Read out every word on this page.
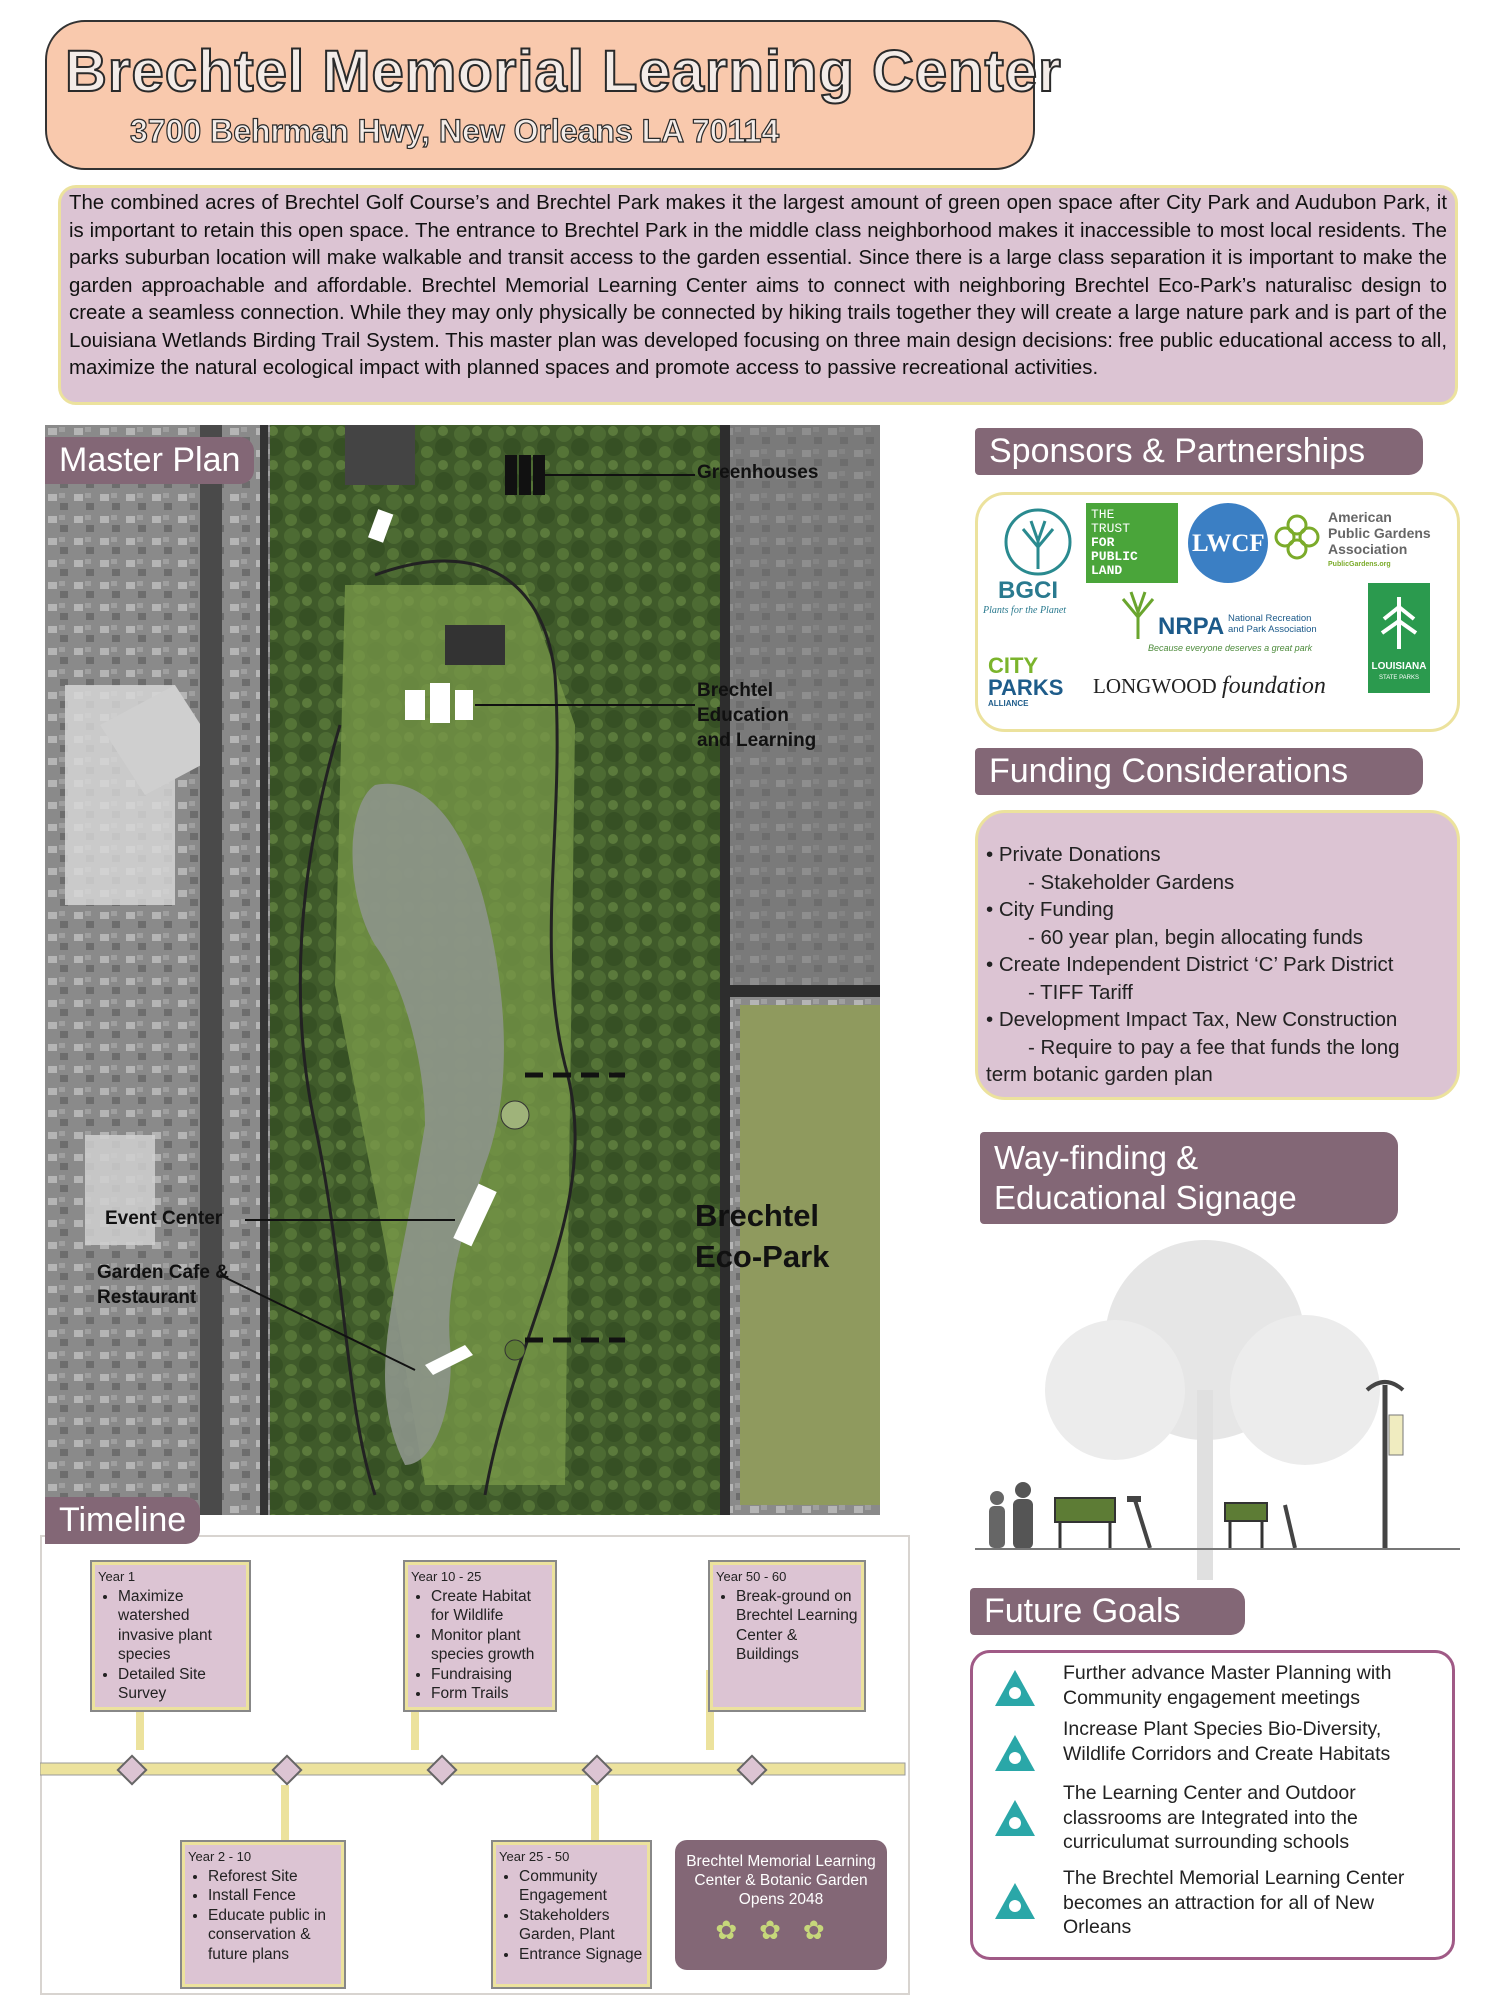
Brechtel Memorial Learning Center
3700 Behrman Hwy, New Orleans LA 70114
The combined acres of Brechtel Golf Course’s and Brechtel Park makes it the largest amount of green open space after City Park and Audubon Park, it is important to retain this open space. The entrance to Brechtel Park in the middle class neighborhood makes it inaccessible to most local residents. The parks suburban location will make walkable and transit access to the garden essential. Since there is a large class separation it is important to make the garden approachable and affordable. Brechtel Memorial Learning Center aims to connect with neighboring Brechtel Eco-Park’s naturalisc design to create a seamless connection. While they may only physically be connected by hiking trails together they will create a large nature park and is part of the Louisiana Wetlands Birding Trail System. This master plan was developed focusing on three main design decisions: free public educational access to all, maximize the natural ecological impact with planned spaces and promote access to passive recreational activities.
Master Plan	Greenhouses
Brechtel Education and Learning
Event Center
Garden Cafe & Restaurant
Brechtel Eco-Park
Sponsors & Partnerships
BGCI
Plants for the Planet
THE
TRUST
FOR
PUBLIC
LAND
LWCF
American
Public Gardens
Association
PublicGardens.org
NRPA National Recreation
and Park Association
Because everyone deserves a great park
LOUISIANA
STATE PARKS
CITY
PARKS
ALLIANCE
LONGWOOD foundation
Funding Considerations

• Private Donations

- Stakeholder Gardens

• City Funding

- 60 year plan, begin allocating funds

• Create Independent District ‘C’ Park District

- TIFF Tariff

• Development Impact Tax, New Construction

- Require to pay a fee that funds the long

term botanic garden plan

Way-finding &
Educational Signage
Future Goals
Further advance Master Planning with Community engagement meetings
Increase Plant Species Bio-Diversity, Wildlife Corridors and Create Habitats
The Learning Center and Outdoor classrooms are Integrated into the curriculumat surrounding schools
The Brechtel Memorial Learning Center becomes an attraction for all of New Orleans
Timeline
Year 1
• Maximize watershed invasive plant species
• Detailed Site Survey
Year 2 - 10
• Reforest Site
• Install Fence
• Educate public in conservation & future plans
Year 10 - 25
• Create Habitat for Wildlife
• Monitor plant species growth
• Fundraising
• Form Trails
Year 25 - 50
• Community Engagement
• Stakeholders Garden, Plant
• Entrance Signage
Year 50 - 60
• Break-ground on Brechtel Learning Center & Buildings
Brechtel Memorial Learning Center & Botanic Garden Opens 2048
✿✿✿
